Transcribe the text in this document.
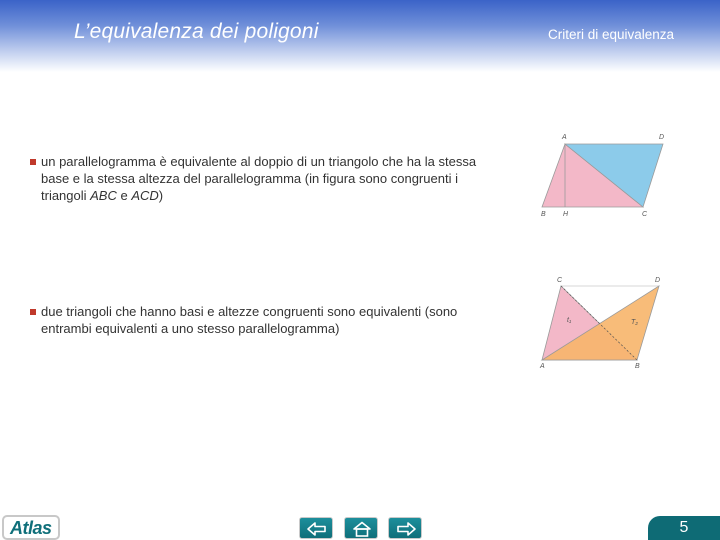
L’equivalenza dei poligoni	Criteri di equivalenza
un parallelogramma è equivalente al doppio di un triangolo che ha la stessa
base e la stessa altezza del parallelogramma (in figura sono congruenti i
triangoli ABC e ACD)
due triangoli che hanno basi e altezze congruenti sono equivalenti (sono
entrambi equivalenti a uno stesso parallelogramma)
A	D
B H	C
C	D
A	B
t₁	T₂
Atlas	5
